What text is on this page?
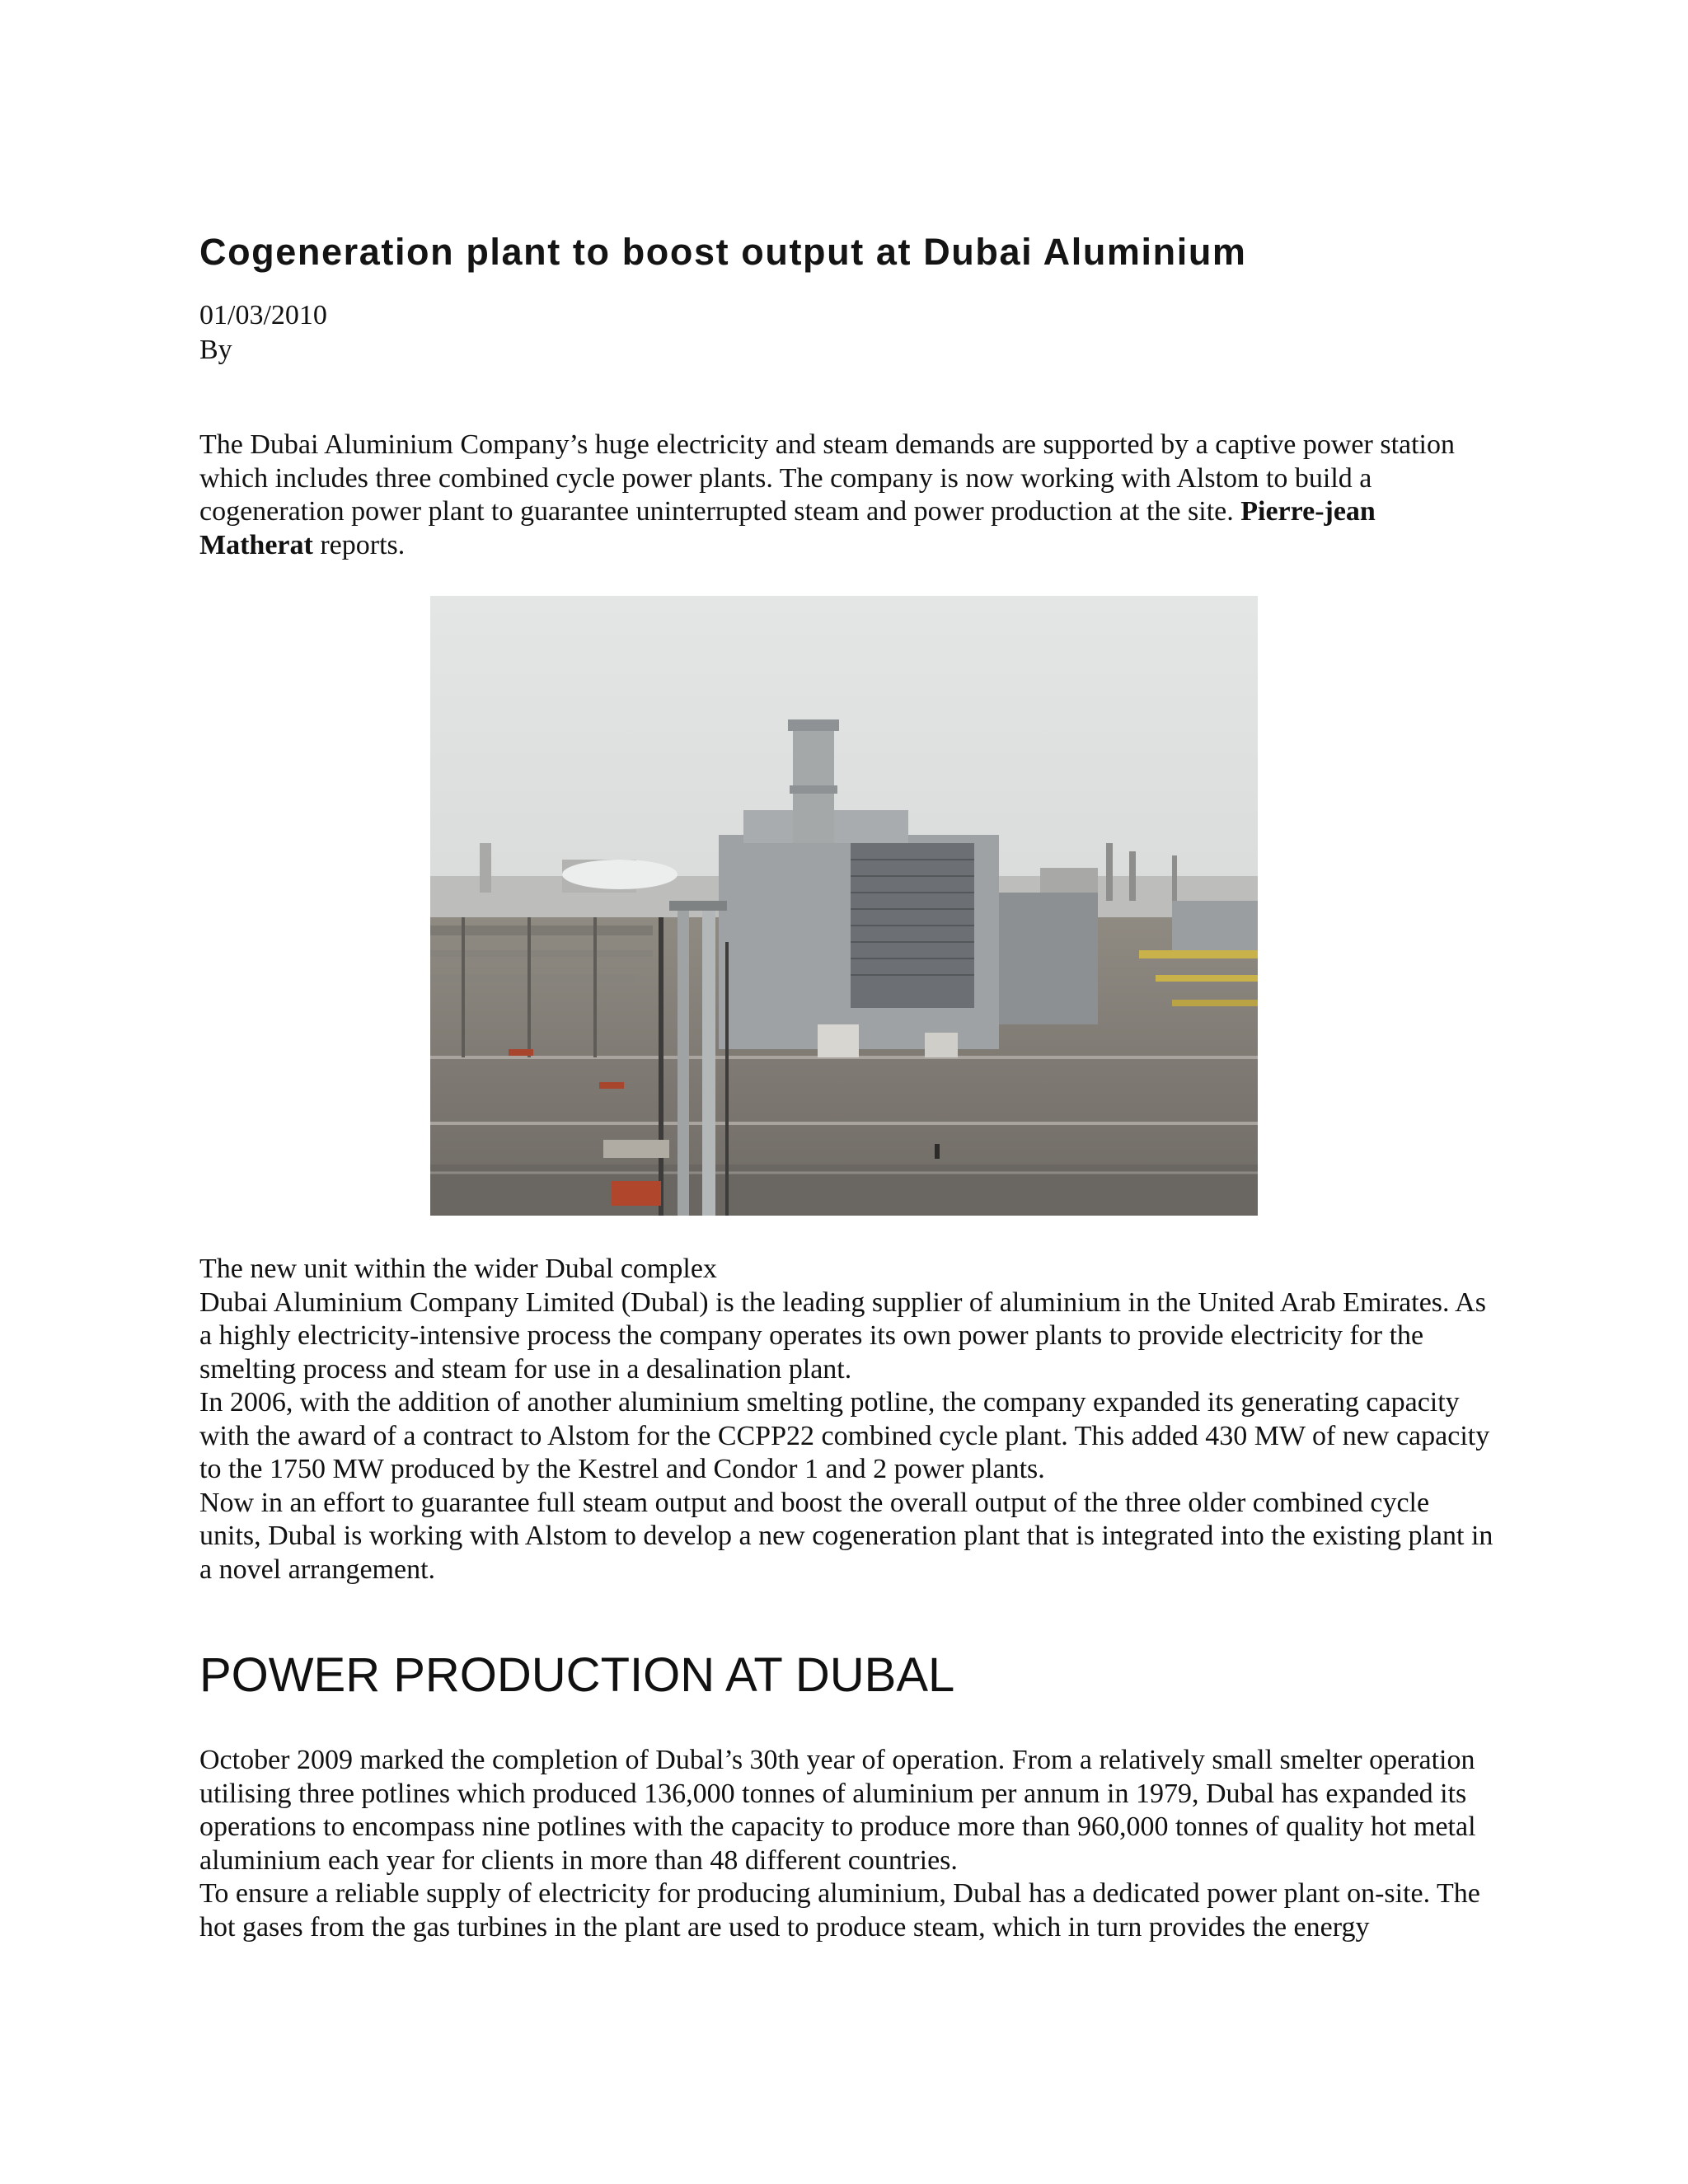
Cogeneration plant to boost output at Dubai Aluminium
01/03/2010
By

The Dubai Aluminium Company’s huge electricity and steam demands are supported by a captive power station which includes three combined cycle power plants. The company is now working with Alstom to build a cogeneration power plant to guarantee uninterrupted steam and power production at the site. Pierre-jean Matherat reports.

The new unit within the wider Dubal complex

Dubai Aluminium Company Limited (Dubal) is the leading supplier of aluminium in the United Arab Emirates. As a highly electricity-intensive process the company operates its own power plants to provide electricity for the smelting process and steam for use in a desalination plant.

In 2006, with the addition of another aluminium smelting potline, the company expanded its generating capacity with the award of a contract to Alstom for the CCPP22 combined cycle plant. This added 430 MW of new capacity to the 1750 MW produced by the Kestrel and Condor 1 and 2 power plants.

Now in an effort to guarantee full steam output and boost the overall output of the three older combined cycle units, Dubal is working with Alstom to develop a new cogeneration plant that is integrated into the existing plant in a novel arrangement.

POWER PRODUCTION AT DUBAL

October 2009 marked the completion of Dubal’s 30th year of operation. From a relatively small smelter operation utilising three potlines which produced 136,000 tonnes of aluminium per annum in 1979, Dubal has expanded its operations to encompass nine potlines with the capacity to produce more than 960,000 tonnes of quality hot metal aluminium each year for clients in more than 48 different countries.

To ensure a reliable supply of electricity for producing aluminium, Dubal has a dedicated power plant on-site. The hot gases from the gas turbines in the plant are used to produce steam, which in turn provides the energy
